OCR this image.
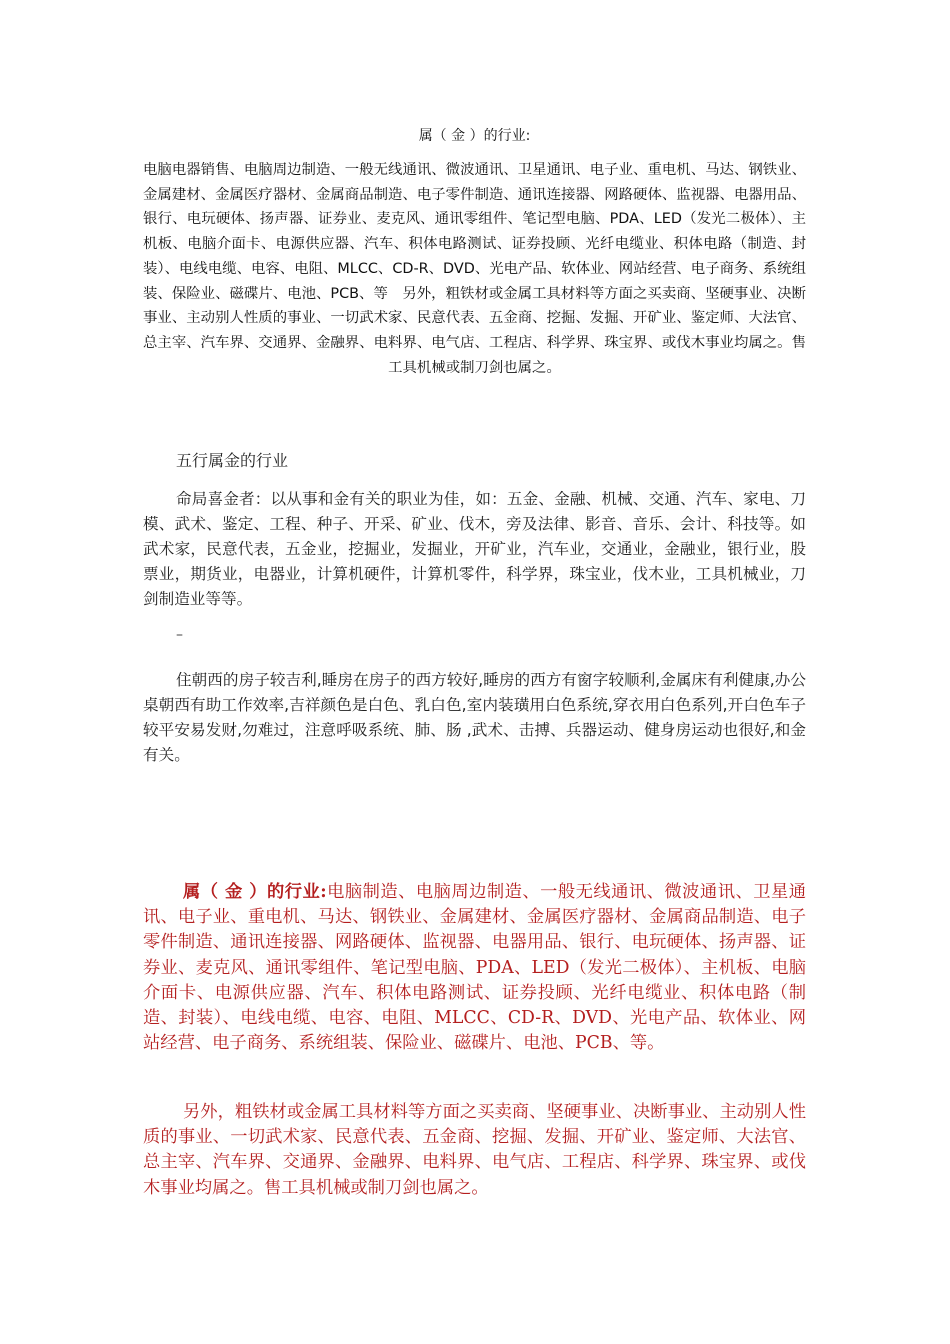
属（ 金 ）的行业:

电脑电器销售、电脑周边制造、一般无线通讯、微波通讯、卫星通讯、电子业、重电机、马达、钢铁业、金属建材、金属医疗器材、金属商品制造、电子零件制造、通讯连接器、网路硬体、监视器、电器用品、银行、电玩硬体、扬声器、证券业、麦克风、通讯零组件、笔记型电脑、PDA、LED（发光二极体）、主机板、电脑介面卡、电源供应器、汽车、积体电路测试、证券投顾、光纤电缆业、积体电路（制造、封装）、电线电缆、电容、电阻、MLCC、CD-R、DVD、光电产品、软体业、网站经营、电子商务、系统组装、保险业、磁碟片、电池、PCB、等　另外，粗铁材或金属工具材料等方面之买卖商、坚硬事业、决断事业、主动别人性质的事业、一切武术家、民意代表、五金商、挖掘、发掘、开矿业、鉴定师、大法官、总主宰、汽车界、交通界、金融界、电料界、电气店、工程店、科学界、珠宝界、或伐木事业均属之。售工具机械或制刀剑也属之。

五行属金的行业

命局喜金者：以从事和金有关的职业为佳，如：五金、金融、机械、交通、汽车、家电、刀模、武术、鉴定、工程、种子、开采、矿业、伐木，旁及法律、影音、音乐、会计、科技等。如武术家，民意代表，五金业，挖掘业，发掘业，开矿业，汽车业，交通业，金融业，银行业，股票业，期货业，电器业，计算机硬件，计算机零件，科学界，珠宝业，伐木业，工具机械业，刀剑制造业等等。

–

住朝西的房子较吉利,睡房在房子的西方较好,睡房的西方有窗字较顺利,金属床有利健康,办公桌朝西有助工作效率,吉祥颜色是白色、乳白色,室内装璜用白色系统,穿衣用白色系列,开白色车子较平安易发财,勿难过，注意呼吸系统、肺、肠 ,武术、击搏、兵器运动、健身房运动也很好,和金有关。

属（ 金 ）的行业:电脑制造、电脑周边制造、一般无线通讯、微波通讯、卫星通讯、电子业、重电机、马达、钢铁业、金属建材、金属医疗器材、金属商品制造、电子零件制造、通讯连接器、网路硬体、监视器、电器用品、银行、电玩硬体、扬声器、证券业、麦克风、通讯零组件、笔记型电脑、PDA、LED（发光二极体）、主机板、电脑介面卡、电源供应器、汽车、积体电路测试、证券投顾、光纤电缆业、积体电路（制造、封装）、电线电缆、电容、电阻、MLCC、CD-R、DVD、光电产品、软体业、网站经营、电子商务、系统组装、保险业、磁碟片、电池、PCB、等。

另外，粗铁材或金属工具材料等方面之买卖商、坚硬事业、决断事业、主动别人性质的事业、一切武术家、民意代表、五金商、挖掘、发掘、开矿业、鉴定师、大法官、总主宰、汽车界、交通界、金融界、电料界、电气店、工程店、科学界、珠宝界、或伐木事业均属之。售工具机械或制刀剑也属之。
